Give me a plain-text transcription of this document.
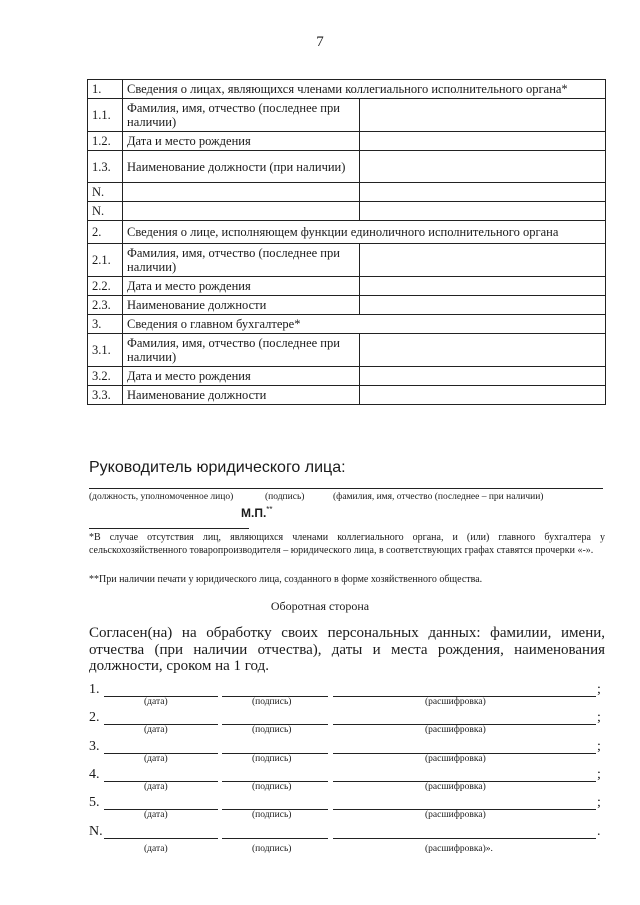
7
1.	Сведения о лицах, являющихся членами коллегиального исполнительного органа*	
1.1.	Фамилия, имя, отчество (последнее при наличии)	
1.2.	Дата и место рождения	
1.3.	Наименование должности (при наличии)	
N.		
N.		
2.	Сведения о лице, исполняющем функции единоличного исполнительного органа	
2.1.	Фамилия, имя, отчество (последнее при наличии)	
2.2.	Дата и место рождения	
2.3.	Наименование должности	
3.	Сведения о главном бухгалтере*	
3.1.	Фамилия, имя, отчество (последнее при наличии)	
3.2.	Дата и место рождения	
3.3.	Наименование должности	
Руководитель юридического лица:
(должность, уполномоченное лицо)	(подпись)	(фамилия, имя, отчество (последнее – при наличии)
М.П.**
*В случае отсутствия лиц, являющихся членами коллегиального органа, и (или) главного бухгалтера у сельскохозяйственного товаропроизводителя – юридического лица, в соответствующих графах ставятся прочерки «-».
**При наличии печати у юридического лица, созданного в форме хозяйственного общества.
Оборотная сторона
Согласен(на) на обработку своих персональных данных: фамилии, имени, отчества (при наличии отчества), даты и места рождения, наименования должности, сроком на 1 год.
1.	;
(дата)	(подпись)	(расшифровка)
2.	;
(дата)	(подпись)	(расшифровка)
3.	;
(дата)	(подпись)	(расшифровка)
4.	;
(дата)	(подпись)	(расшифровка)
5.	;
(дата)	(подпись)	(расшифровка)
N.	.
(дата)	(подпись)	(расшифровка)».
